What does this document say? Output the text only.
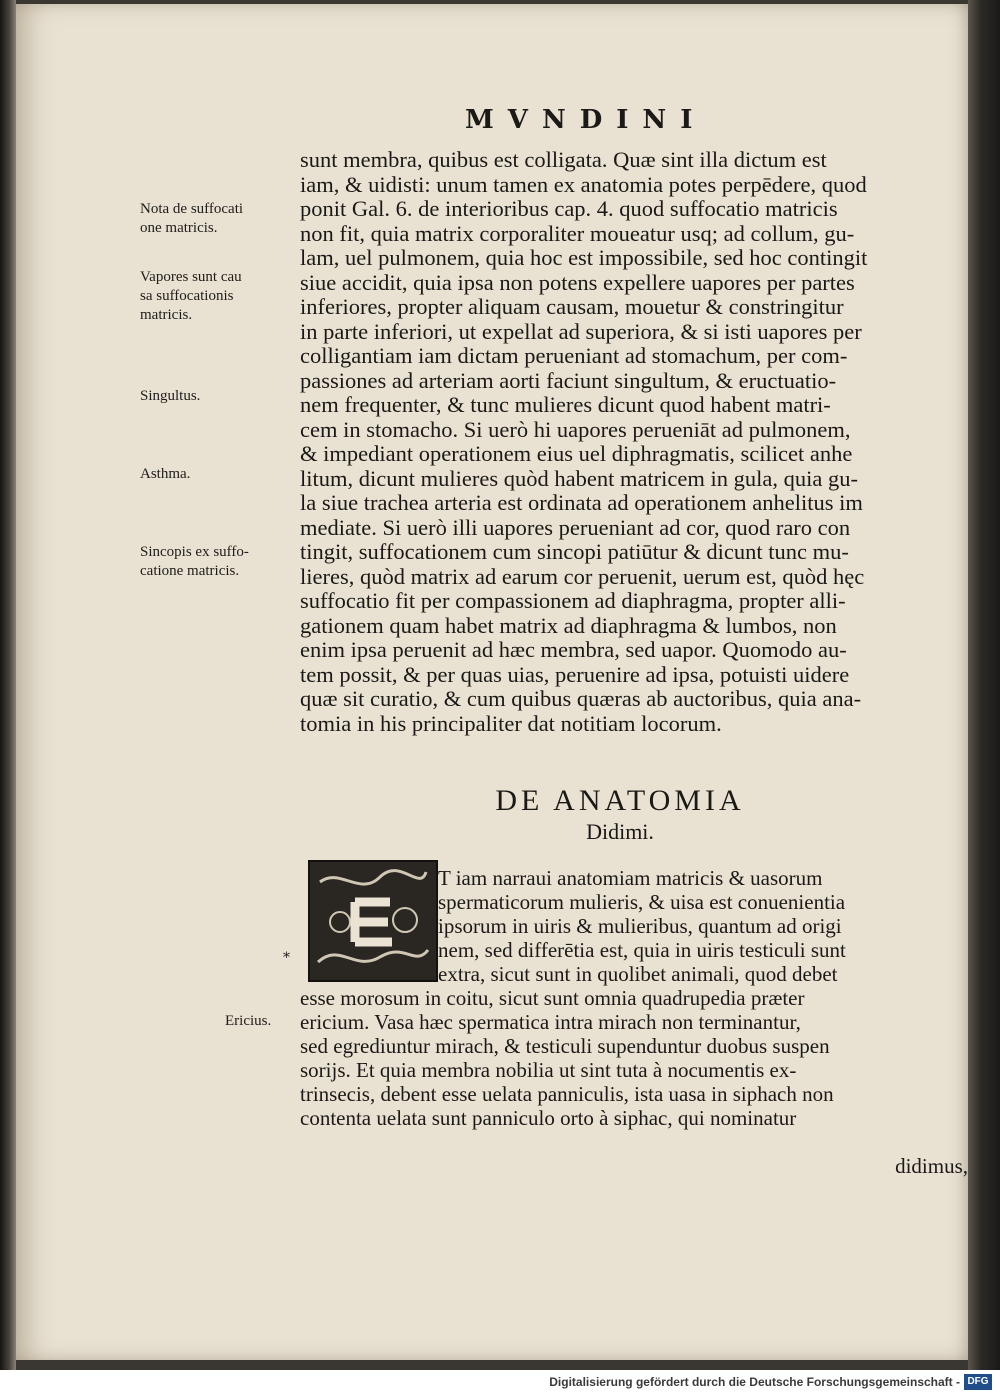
MVNDINI
sunt membra, quibus est colligata. Quæ sint illa dictum est
iam, & uidisti: unum tamen ex anatomia potes perpēdere, quod
ponit Gal. 6. de interioribus cap. 4. quod suffocatio matricis
non fit, quia matrix corporaliter moueatur usq; ad collum, gu-
lam, uel pulmonem, quia hoc est impossibile, sed hoc contingit
siue accidit, quia ipsa non potens expellere uapores per partes
inferiores, propter aliquam causam, mouetur & constringitur
in parte inferiori, ut expellat ad superiora, & si isti uapores per
colligantiam iam dictam perueniant ad stomachum, per com-
passiones ad arteriam aorti faciunt singultum, & eructuatio-
nem frequenter, & tunc mulieres dicunt quod habent matri-
cem in stomacho. Si uerò hi uapores perueniāt ad pulmonem,
& impediant operationem eius uel diphragmatis, scilicet anhe
litum, dicunt mulieres quòd habent matricem in gula, quia gu-
la siue trachea arteria est ordinata ad operationem anhelitus im
mediate. Si uerò illi uapores perueniant ad cor, quod raro con
tingit, suffocationem cum sincopi patiūtur & dicunt tunc mu-
lieres, quòd matrix ad earum cor peruenit, uerum est, quòd hęc
suffocatio fit per compassionem ad diaphragma, propter alli-
gationem quam habet matrix ad diaphragma & lumbos, non
enim ipsa peruenit ad hæc membra, sed uapor. Quomodo au-
tem possit, & per quas uias, peruenire ad ipsa, potuisti uidere
quæ sit curatio, & cum quibus quæras ab auctoribus, quia ana-
tomia in his principaliter dat notitiam locorum.
Nota de suffocati
one matricis.
Vapores sunt cau
sa suffocationis
matricis.
Singultus.
Asthma.
Sincopis ex suffo-
catione matricis.
Ericius.
DE ANATOMIA
Didimi.
*
T iam narraui anatomiam matricis & uasorum
spermaticorum mulieris, & uisa est conuenientia
ipsorum in uiris & mulieribus, quantum ad origi
nem, sed differētia est, quia in uiris testiculi sunt
extra, sicut sunt in quolibet animali, quod debet
esse morosum in coitu, sicut sunt omnia quadrupedia præter
ericium. Vasa hæc spermatica intra mirach non terminantur,
sed egrediuntur mirach, & testiculi supenduntur duobus suspen
sorijs. Et quia membra nobilia ut sint tuta à nocumentis ex-
trinsecis, debent esse uelata panniculis, ista uasa in siphach non
contenta uelata sunt panniculo orto à siphac, qui nominatur
didimus,
Digitalisierung gefördert durch die Deutsche Forschungsgemeinschaft - DFG
